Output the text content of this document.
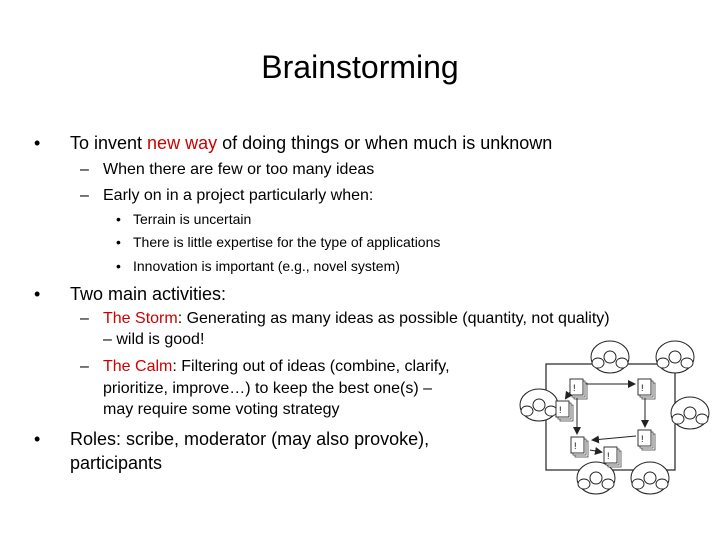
Brainstorming
• To invent new way of doing things or when much is unknown
– When there are few or too many ideas
– Early on in a project particularly when:
• Terrain is uncertain
• There is little expertise for the type of applications
• Innovation is important (e.g., novel system)
• Two main activities:
– The Storm: Generating as many ideas as possible (quantity, not quality)
– wild is good!
– The Calm: Filtering out of ideas (combine, clarify,
prioritize, improve…) to keep the best one(s) –
may require some voting strategy
• Roles: scribe, moderator (may also provoke),
participants
!	!
!
!
!
!
